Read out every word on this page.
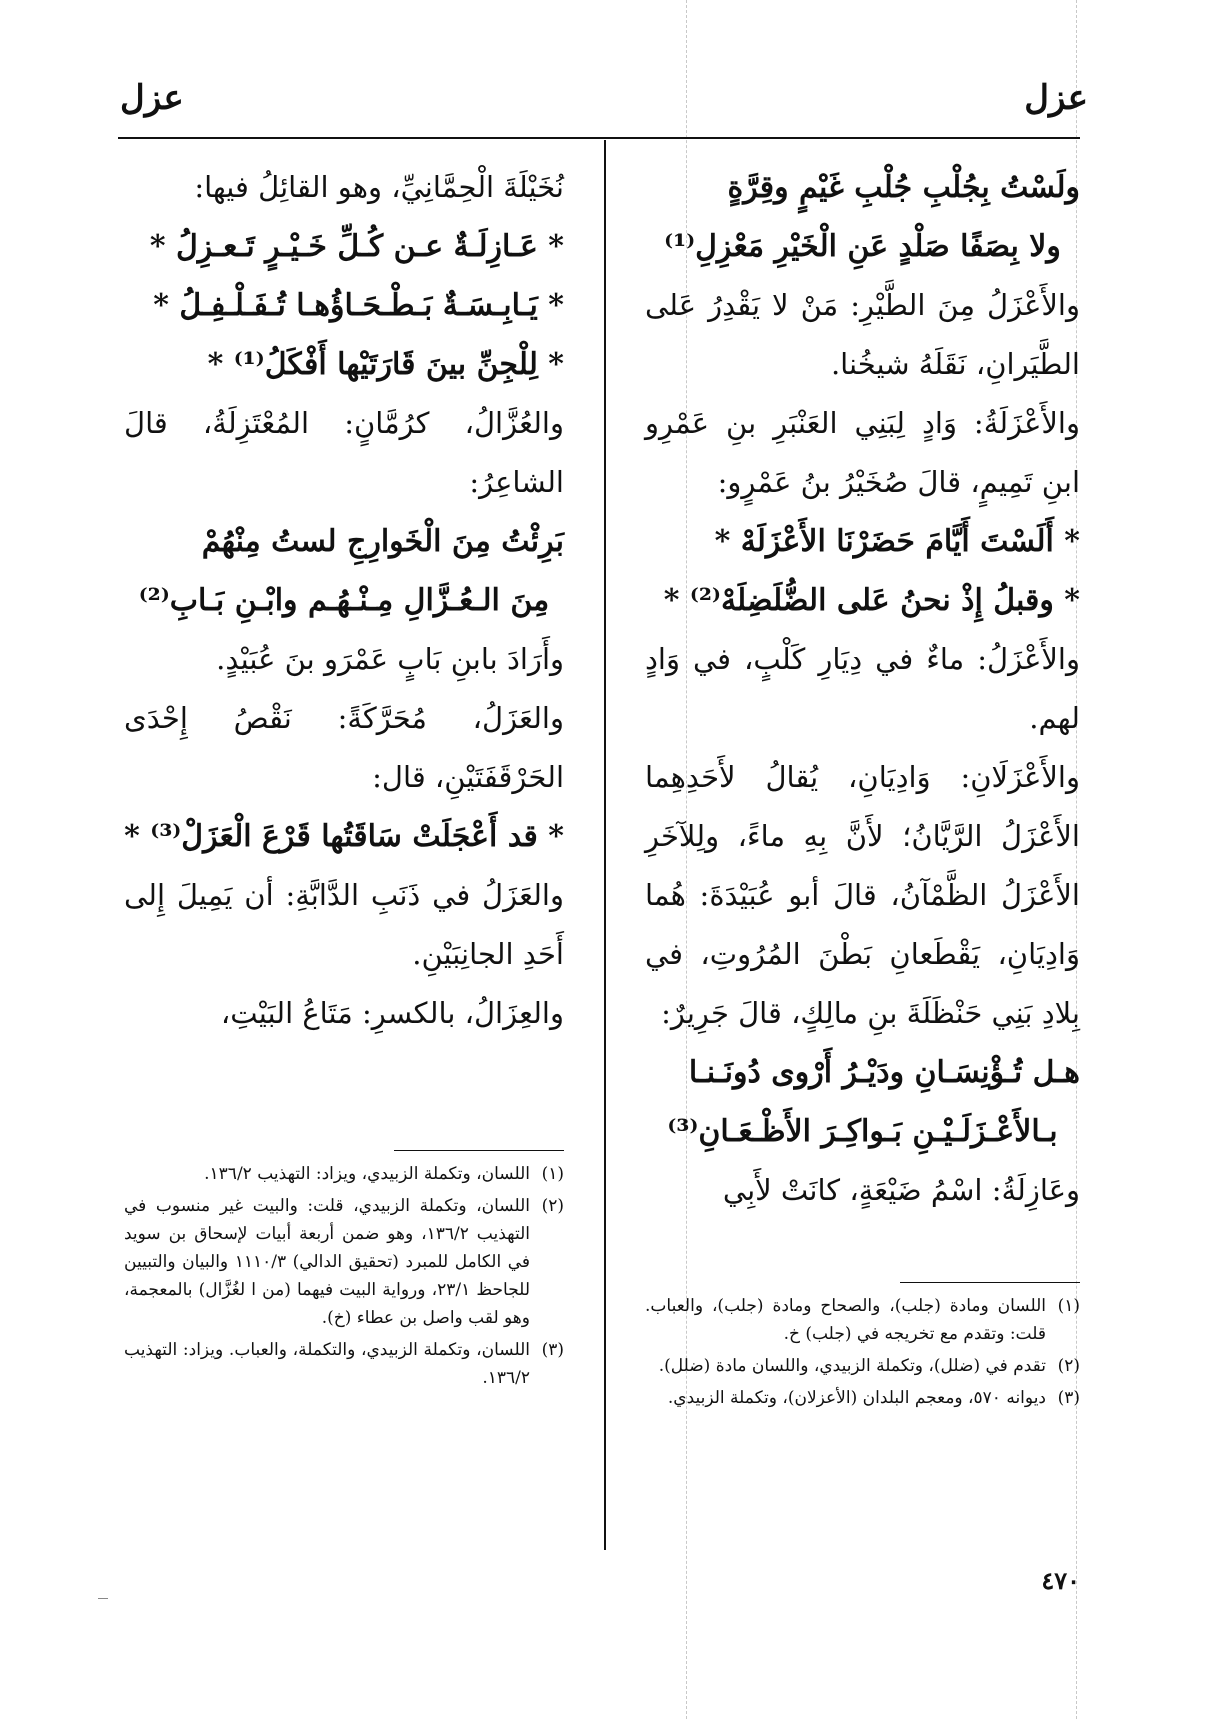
عزل
عزل

ولَسْتُ بِجُلْبِ جُلْبِ غَيْمٍ وقِرَّةٍ

ولا بِصَفًا صَلْدٍ عَنِ الْخَيْرِ مَعْزِلِ⁽¹⁾

والأَعْزَلُ مِنَ الطَّيْرِ: مَنْ لا يَقْدِرُ عَلى الطَّيَرانِ، نَقَلَهُ شيخُنا.

والأَعْزَلَةُ: وَادٍ لِبَنِي العَنْبَرِ بنِ عَمْرِو ابنِ تَمِيمٍ، قالَ صُخَيْرُ بنُ عَمْرٍو:

* أَلَسْتَ أَيَّامَ حَضَرْنَا الأَعْزَلَهْ *

* وقبلُ إِذْ نحنُ عَلى الضُّلَضِلَهْ⁽²⁾ *

والأَعْزَلُ: ماءٌ في دِيَارِ كَلْبٍ، في وَادٍ لهم.

والأَعْزَلَانِ: وَادِيَانِ، يُقالُ لأَحَدِهِما الأَعْزَلُ الرَّيَّانُ؛ لأَنَّ بِهِ ماءً، ولِلآخَرِ الأَعْزَلُ الظَّمْآنُ، قالَ أبو عُبَيْدَةَ: هُما وَادِيَانِ، يَقْطَعانِ بَطْنَ المُرُوتِ، في بِلادِ بَنِي حَنْظَلَةَ بنِ مالِكٍ، قالَ جَرِيرٌ:

هـل تُـؤْنِسَـانِ ودَيْـرُ أَرْوى دُونَـنـا

بـالأَعْـزَلَـيْـنِ بَـواكِـرَ الأَظْـعَـانِ⁽³⁾

وعَازِلَةُ: اسْمُ ضَيْعَةٍ، كانَتْ لأَبِي

(١)
اللسان ومادة (جلب)، والصحاح ومادة (جلب)، والعباب. قلت: وتقدم مع تخريجه في (جلب) خ.

(٢)
تقدم في (ضلل)، وتكملة الزبيدي، واللسان مادة (ضلل).

(٣)
ديوانه ٥٧٠، ومعجم البلدان (الأعزلان)، وتكملة الزبيدي.

نُخَيْلَةَ الْحِمَّانِيِّ، وهو القائِلُ فيها:

* عَـازِلَـةٌ عـن كُـلِّ خَـيْـرٍ تَـعـزِلُ *

* يَـابِـسَـةٌ بَـطْـحَـاؤُهـا تُـفَـلْـفِـلُ *

* لِلْجِنِّ بينَ قَارَتَيْها أَفْكَلُ⁽¹⁾ *

والعُزَّالُ، كرُمَّانٍ: المُعْتَزِلَةُ، قالَ الشاعِرُ:

بَرِئْتُ مِنَ الْخَوارِجِ لستُ مِنْهُمْ

مِنَ الـعُـزَّالِ مِـنْـهُـم وابْـنِ بَـابِ⁽²⁾

وأَرَادَ بابنِ بَابٍ عَمْرَو بنَ عُبَيْدٍ.

والعَزَلُ، مُحَرَّكَةً: نَقْصُ إِحْدَى الحَرْقَفَتَيْنِ، قال:

* قد أَعْجَلَتْ سَاقَتُها قَرْعَ الْعَزَلْ⁽³⁾ *

والعَزَلُ في ذَنَبِ الدَّابَّةِ: أن يَمِيلَ إِلى أَحَدِ الجانِبَيْنِ.

والعِزَالُ، بالكسرِ: مَتَاعُ البَيْتِ،

(١)
اللسان، وتكملة الزبيدي، ويزاد: التهذيب ١٣٦/٢.

(٢)
اللسان، وتكملة الزبيدي، قلت: والبيت غير منسوب في التهذيب ١٣٦/٢، وهو ضمن أربعة أبيات لإسحاق بن سويد في الكامل للمبرد (تحقيق الدالي) ١١١٠/٣ والبيان والتبيين للجاحظ ٢٣/١، ورواية البيت فيهما (من ا لغُزَّال) بالمعجمة، وهو لقب واصل بن عطاء (خ).

(٣)
اللسان، وتكملة الزبيدي، والتكملة، والعباب. ويزاد: التهذيب ١٣٦/٢.

٤٧٠
